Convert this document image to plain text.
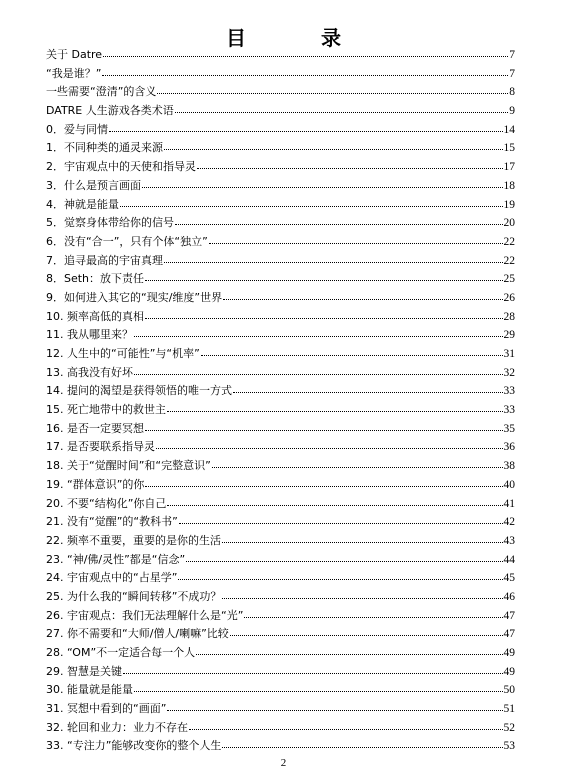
目 录
关于 Datre	7
“我是谁？”	7
一些需要“澄清”的含义	8
DATRE 人生游戏各类术语	9
0．爱与同情	14
1．不同种类的通灵来源	15
2．宇宙观点中的天使和指导灵	17
3．什么是预言画面	18
4．神就是能量	19
5．觉察身体带给你的信号	20
6．没有“合一”，只有个体“独立”	22
7．追寻最高的宇宙真理	22
8．Seth：放下责任	25
9．如何进入其它的“现实/维度”世界	26
10. 频率高低的真相	28
11. 我从哪里来？	29
12. 人生中的“可能性”与“机率”	31
13. 高我没有好坏	32
14. 提问的渴望是获得领悟的唯一方式	33
15. 死亡地带中的救世主	33
16. 是否一定要冥想	35
17. 是否要联系指导灵	36
18. 关于“觉醒时间”和“完整意识”	38
19. “群体意识”的你	40
20. 不要“结构化”你自己	41
21. 没有“觉醒”的“教科书”	42
22. 频率不重要，重要的是你的生活	43
23. “神/佛/灵性”都是“信念”	44
24. 宇宙观点中的“占星学”	45
25. 为什么我的“瞬间转移”不成功？	46
26. 宇宙观点：我们无法理解什么是“光”	47
27. 你不需要和“大师/僧人/喇嘛”比较	47
28. “OM”不一定适合每一个人	49
29. 智慧是关键	49
30. 能量就是能量	50
31. 冥想中看到的“画面”	51
32. 轮回和业力：业力不存在	52
33. “专注力”能够改变你的整个人生	53
2
